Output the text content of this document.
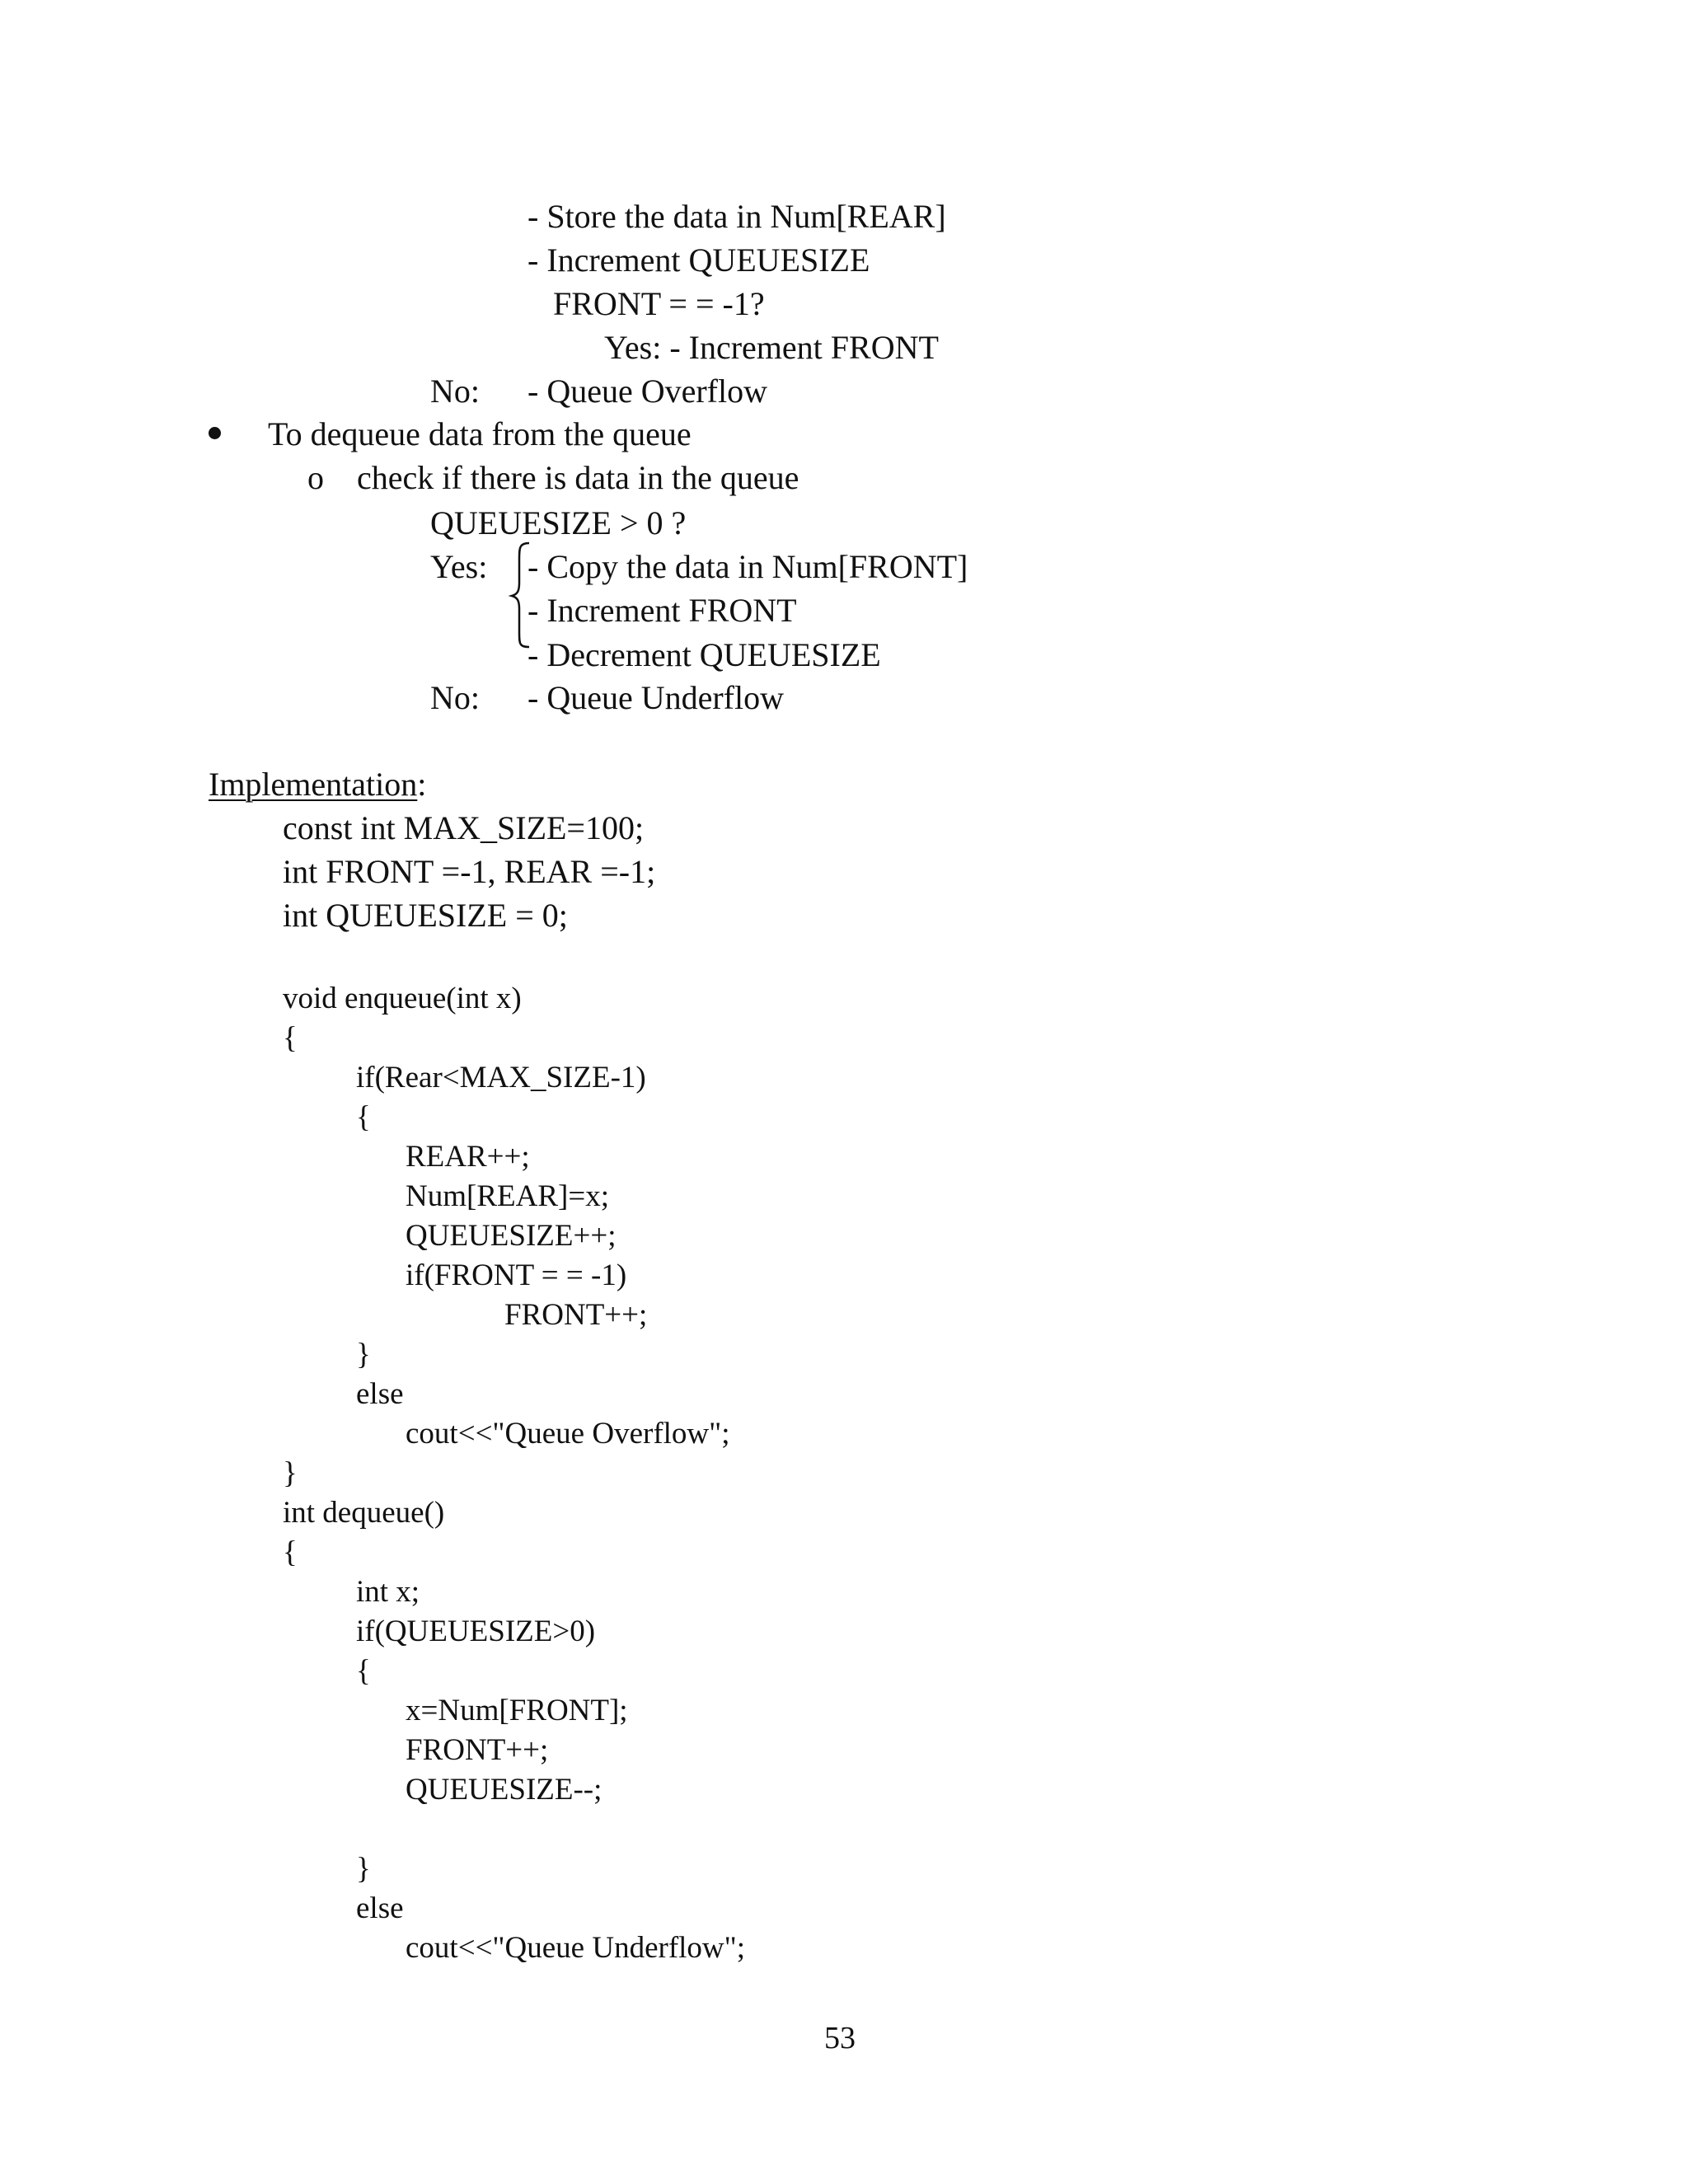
- Store the data in Num[REAR]
- Increment QUEUESIZE
FRONT = = -1?
Yes: - Increment FRONT
No: - Queue Overflow
To dequeue data from the queue
o check if there is data in the queue
QUEUESIZE > 0 ?
Yes: - Copy the data in Num[FRONT]
- Increment FRONT
- Decrement QUEUESIZE
No: - Queue Underflow
Implementation:
const int MAX_SIZE=100;
int FRONT =-1, REAR =-1;
int QUEUESIZE = 0;
void enqueue(int x)
{
if(Rear<MAX_SIZE-1)
{
REAR++;
Num[REAR]=x;
QUEUESIZE++;
if(FRONT = = -1)
FRONT++;
}
else
cout<<"Queue Overflow";
}
int dequeue()
{
int x;
if(QUEUESIZE>0)
{
x=Num[FRONT];
FRONT++;
QUEUESIZE--;
}
else
cout<<"Queue Underflow";
53
